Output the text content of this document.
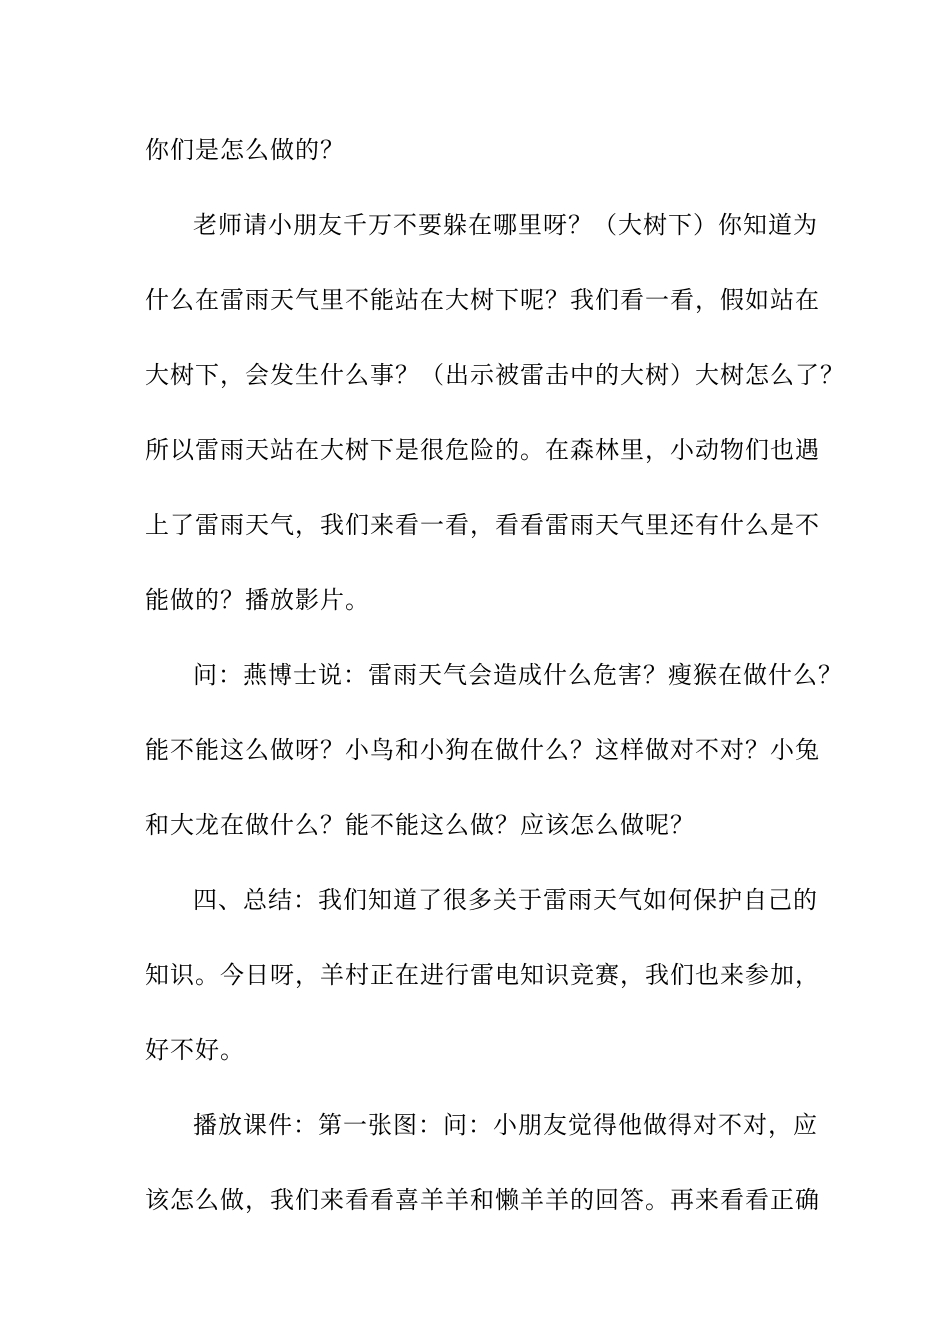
你们是怎么做的？
老师请小朋友千万不要躲在哪里呀？（大树下）你知道为
什么在雷雨天气里不能站在大树下呢？我们看一看，假如站在
大树下，会发生什么事？（出示被雷击中的大树）大树怎么了？
所以雷雨天站在大树下是很危险的。在森林里，小动物们也遇
上了雷雨天气，我们来看一看，看看雷雨天气里还有什么是不
能做的？播放影片。
问：燕博士说：雷雨天气会造成什么危害？瘦猴在做什么？
能不能这么做呀？小鸟和小狗在做什么？这样做对不对？小兔
和大龙在做什么？能不能这么做？应该怎么做呢？
四、总结：我们知道了很多关于雷雨天气如何保护自己的
知识。今日呀，羊村正在进行雷电知识竞赛，我们也来参加，
好不好。
播放课件：第一张图：问：小朋友觉得他做得对不对，应
该怎么做，我们来看看喜羊羊和懒羊羊的回答。再来看看正确
